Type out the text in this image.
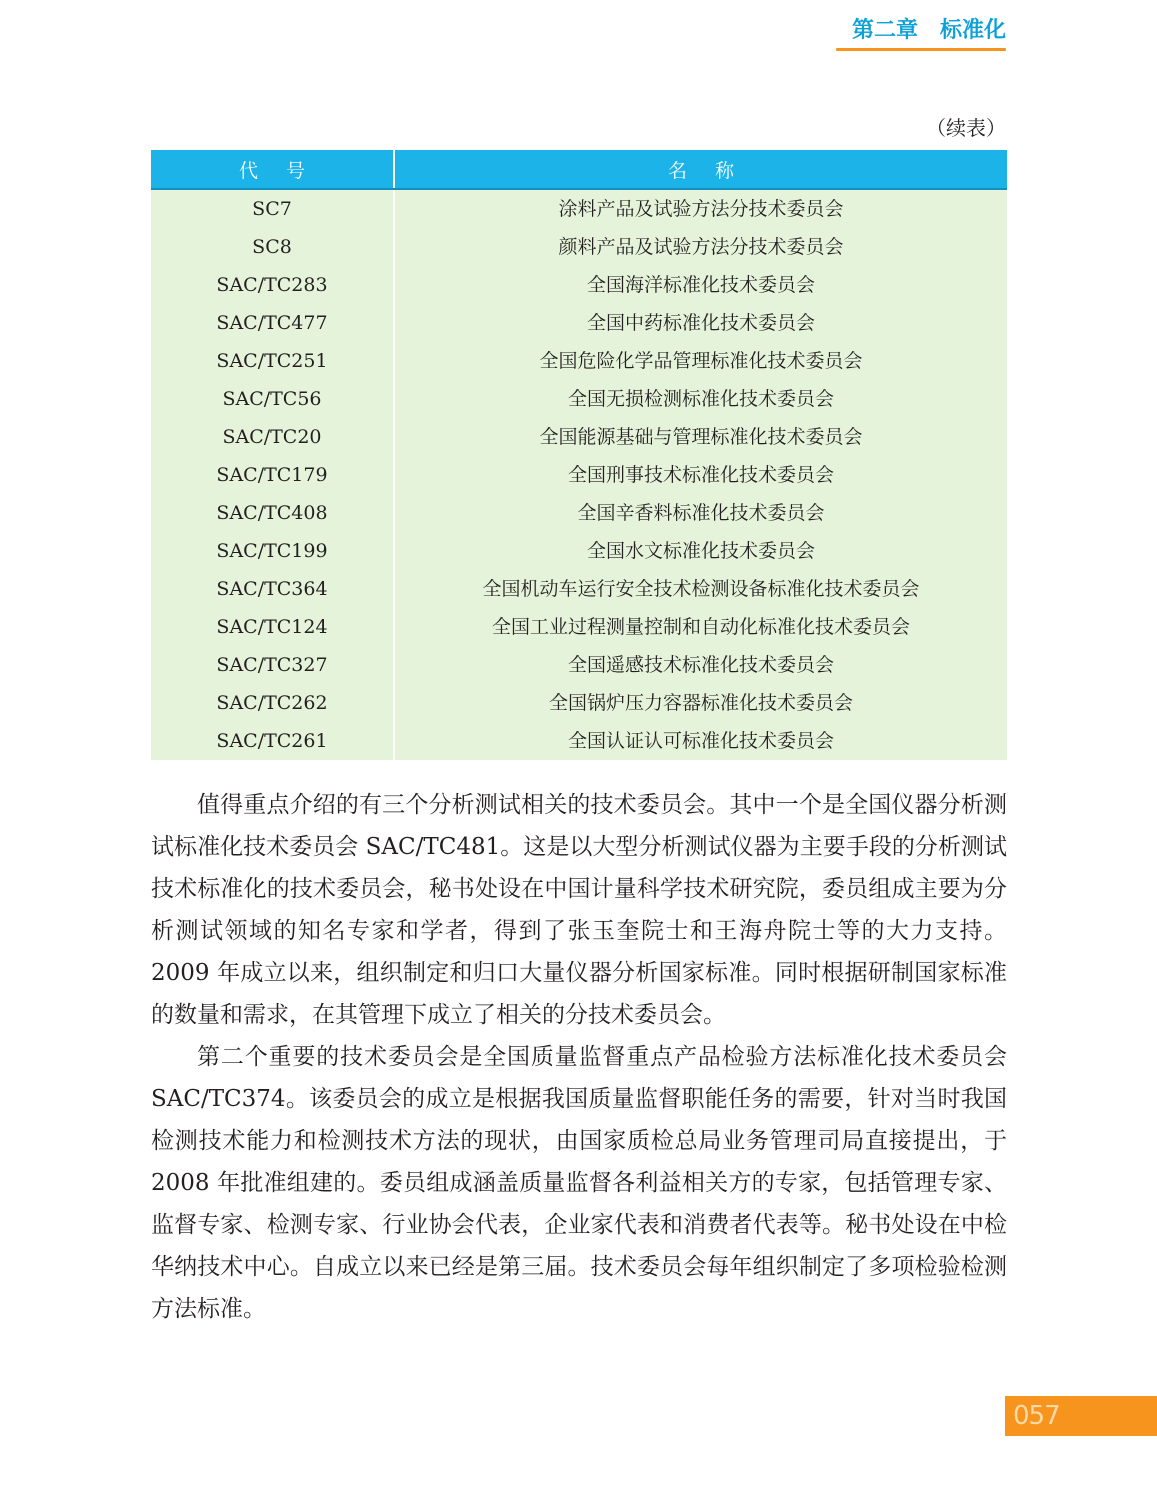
第二章 标准化
（续表）
代号	名称
SC7	涂料产品及试验方法分技术委员会
SC8	颜料产品及试验方法分技术委员会
SAC/TC283	全国海洋标准化技术委员会
SAC/TC477	全国中药标准化技术委员会
SAC/TC251	全国危险化学品管理标准化技术委员会
SAC/TC56	全国无损检测标准化技术委员会
SAC/TC20	全国能源基础与管理标准化技术委员会
SAC/TC179	全国刑事技术标准化技术委员会
SAC/TC408	全国辛香料标准化技术委员会
SAC/TC199	全国水文标准化技术委员会
SAC/TC364	全国机动车运行安全技术检测设备标准化技术委员会
SAC/TC124	全国工业过程测量控制和自动化标准化技术委员会
SAC/TC327	全国遥感技术标准化技术委员会
SAC/TC262	全国锅炉压力容器标准化技术委员会
SAC/TC261	全国认证认可标准化技术委员会

值得重点介绍的有三个分析测试相关的技术委员会。其中一个是全国仪器分析测试标准化技术委员会 SAC/TC481。这是以大型分析测试仪器为主要手段的分析测试技术标准化的技术委员会，秘书处设在中国计量科学技术研究院，委员组成主要为分析测试领域的知名专家和学者，得到了张玉奎院士和王海舟院士等的大力支持。2009 年成立以来，组织制定和归口大量仪器分析国家标准。同时根据研制国家标准的数量和需求，在其管理下成立了相关的分技术委员会。

第二个重要的技术委员会是全国质量监督重点产品检验方法标准化技术委员会 SAC/TC374。该委员会的成立是根据我国质量监督职能任务的需要，针对当时我国检测技术能力和检测技术方法的现状，由国家质检总局业务管理司局直接提出，于 2008 年批准组建的。委员组成涵盖质量监督各利益相关方的专家，包括管理专家、监督专家、检测专家、行业协会代表，企业家代表和消费者代表等。秘书处设在中检华纳技术中心。自成立以来已经是第三届。技术委员会每年组织制定了多项检验检测方法标准。

057
